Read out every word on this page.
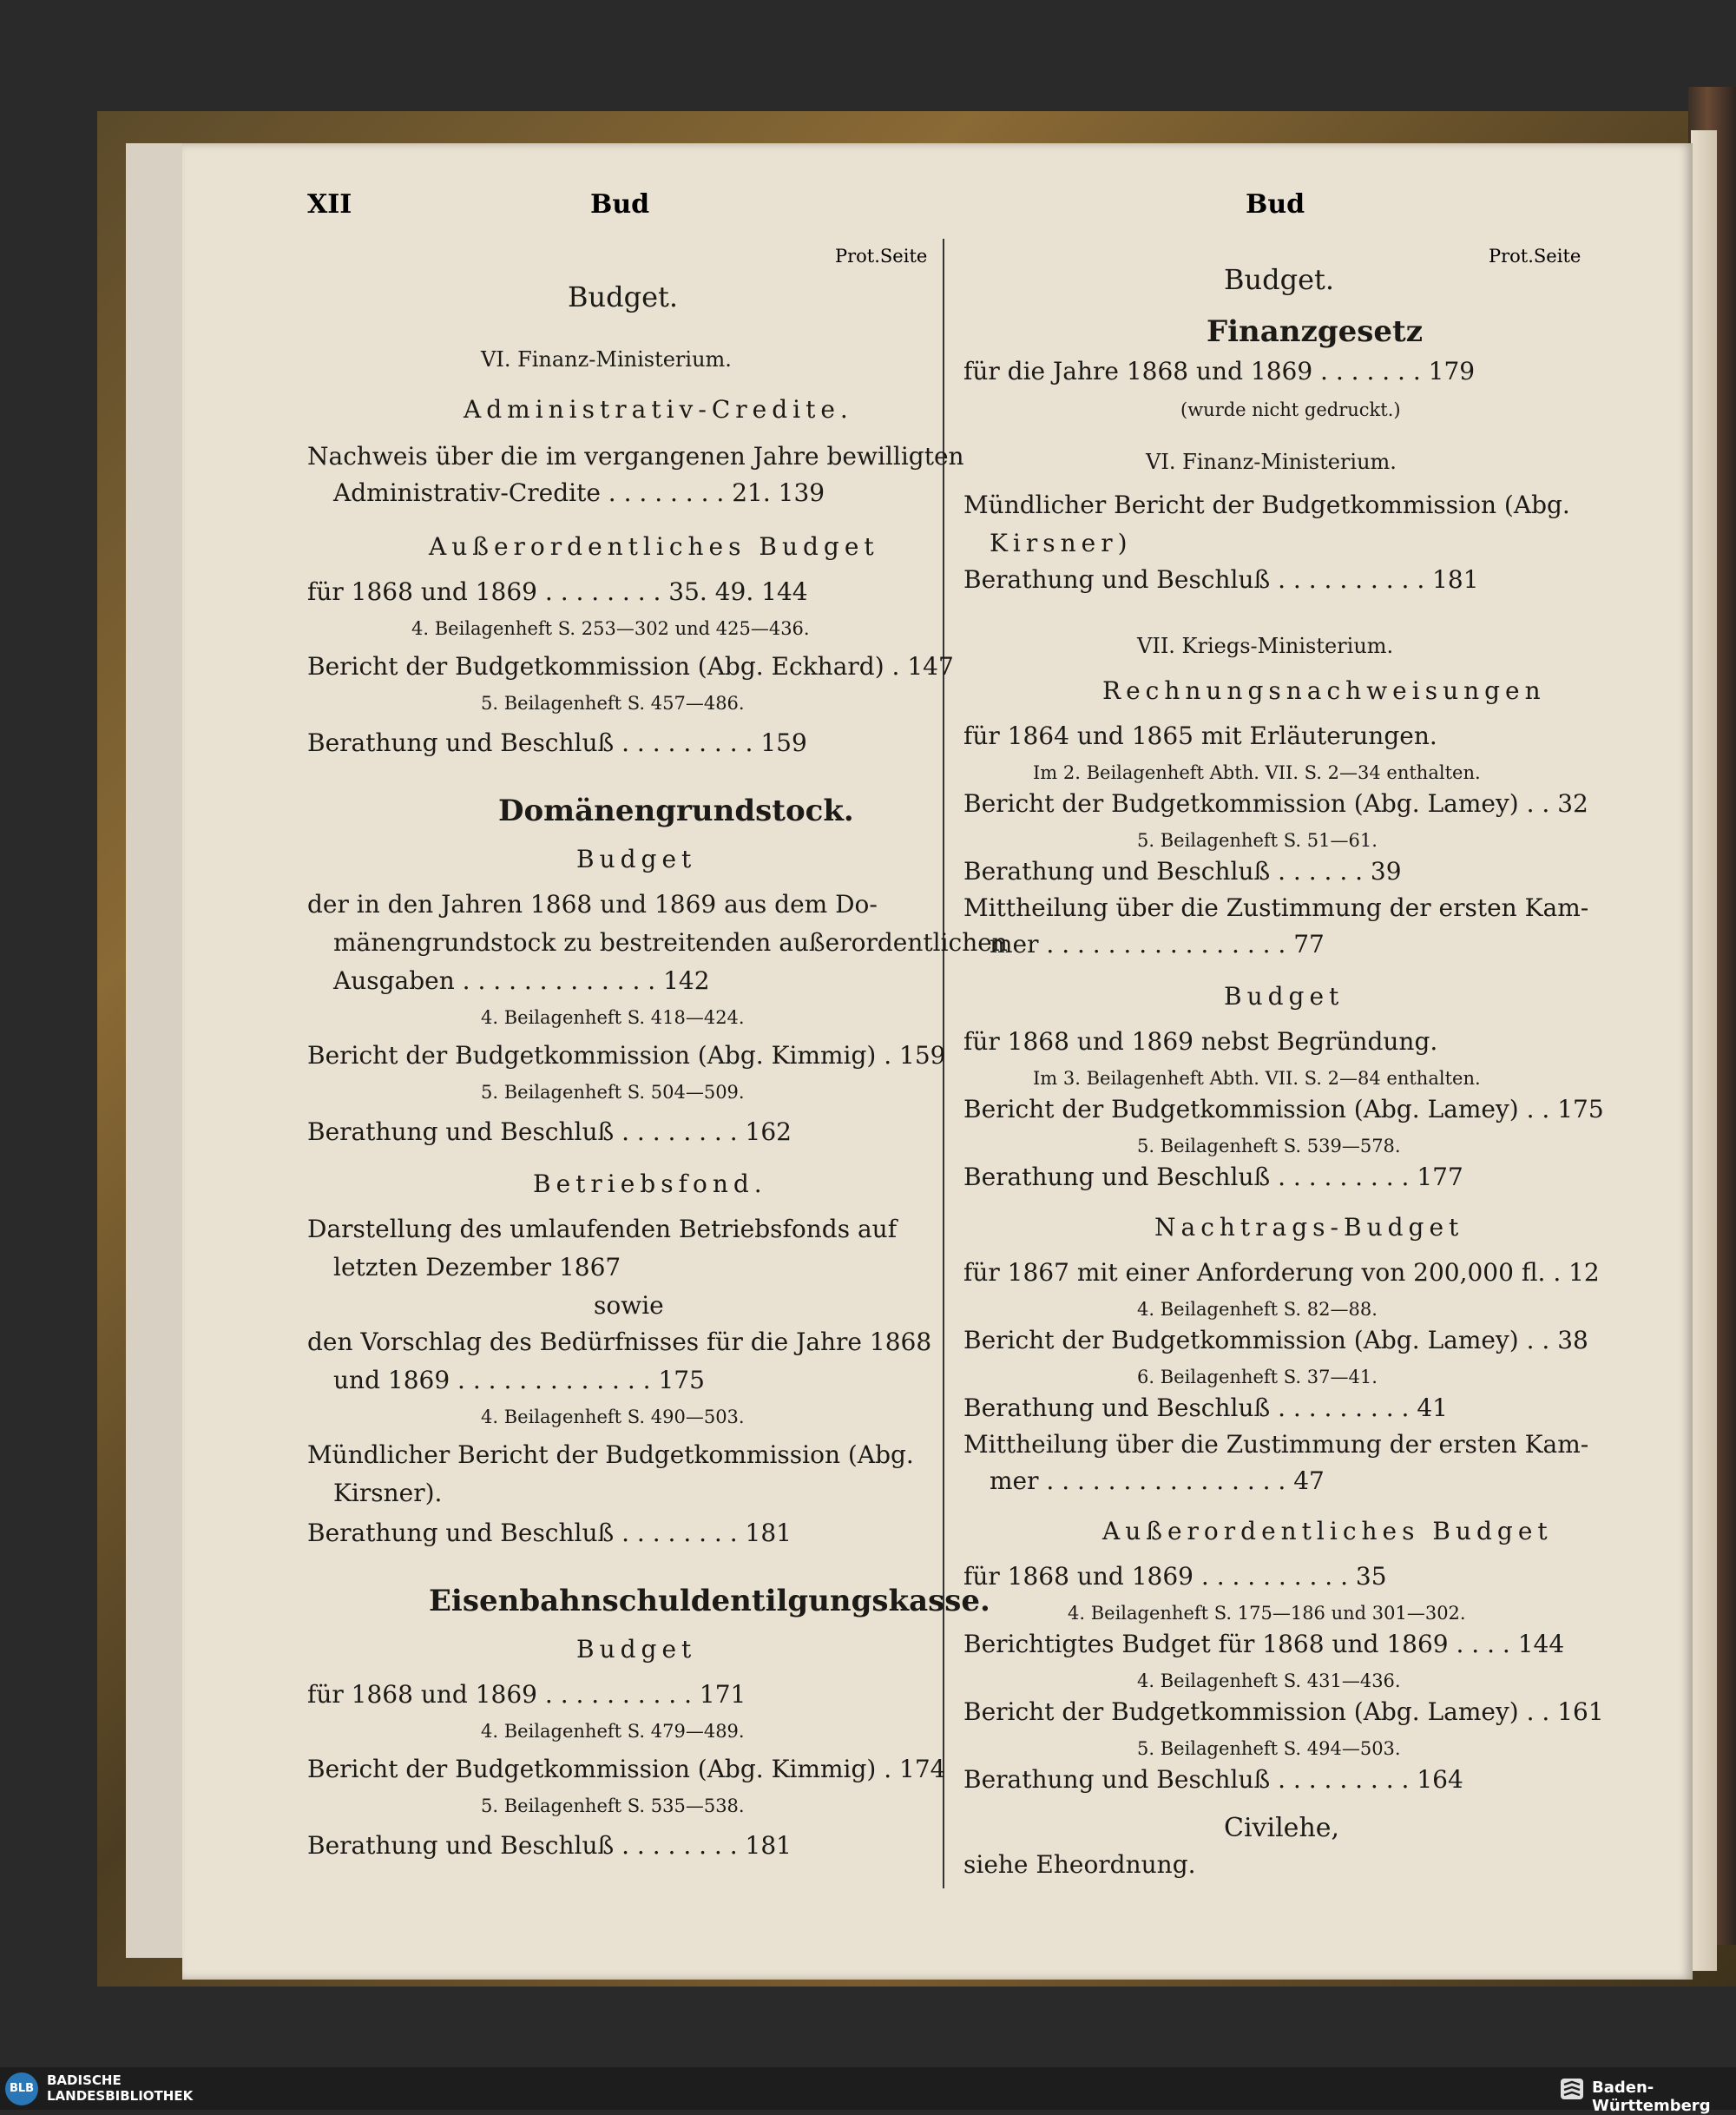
XII	Bud	Bud
Prot.Seite	Prot.Seite
Budget.
VI. Finanz-Ministerium.
Administrativ-Credite.
Nachweis über die im vergangenen Jahre bewilligten
Administrativ-Credite . . . . . . . . 21. 139
Außerordentliches Budget
für 1868 und 1869 . . . . . . . . 35. 49. 144
4. Beilagenheft S. 253—302 und 425—436.
Bericht der Budgetkommission (Abg. Eckhard) . 147
5. Beilagenheft S. 457—486.
Berathung und Beschluß . . . . . . . . . 159
Domänengrundstock.
Budget
der in den Jahren 1868 und 1869 aus dem Do-
mänengrundstock zu bestreitenden außerordentlichen
Ausgaben . . . . . . . . . . . . . 142
4. Beilagenheft S. 418—424.
Bericht der Budgetkommission (Abg. Kimmig) . 159
5. Beilagenheft S. 504—509.
Berathung und Beschluß . . . . . . . . 162
Betriebsfond.
Darstellung des umlaufenden Betriebsfonds auf
letzten Dezember 1867
sowie
den Vorschlag des Bedürfnisses für die Jahre 1868
und 1869 . . . . . . . . . . . . . 175
4. Beilagenheft S. 490—503.
Mündlicher Bericht der Budgetkommission (Abg.
Kirsner).
Berathung und Beschluß . . . . . . . . 181
Eisenbahnschuldentilgungskasse.
Budget
für 1868 und 1869 . . . . . . . . . . 171
4. Beilagenheft S. 479—489.
Bericht der Budgetkommission (Abg. Kimmig) . 174
5. Beilagenheft S. 535—538.
Berathung und Beschluß . . . . . . . . 181
Budget.
Finanzgesetz
für die Jahre 1868 und 1869 . . . . . . . 179
(wurde nicht gedruckt.)
VI. Finanz-Ministerium.
Mündlicher Bericht der Budgetkommission (Abg.
Kirsner)
Berathung und Beschluß . . . . . . . . . . 181
VII. Kriegs-Ministerium.
Rechnungsnachweisungen
für 1864 und 1865 mit Erläuterungen.
Im 2. Beilagenheft Abth. VII. S. 2—34 enthalten.
Bericht der Budgetkommission (Abg. Lamey) . . 32
5. Beilagenheft S. 51—61.
Berathung und Beschluß . . . . . . 39
Mittheilung über die Zustimmung der ersten Kam-
mer . . . . . . . . . . . . . . . . 77
Budget
für 1868 und 1869 nebst Begründung.
Im 3. Beilagenheft Abth. VII. S. 2—84 enthalten.
Bericht der Budgetkommission (Abg. Lamey) . . 175
5. Beilagenheft S. 539—578.
Berathung und Beschluß . . . . . . . . . 177
Nachtrags-Budget
für 1867 mit einer Anforderung von 200,000 fl. . 12
4. Beilagenheft S. 82—88.
Bericht der Budgetkommission (Abg. Lamey) . . 38
6. Beilagenheft S. 37—41.
Berathung und Beschluß . . . . . . . . . 41
Mittheilung über die Zustimmung der ersten Kam-
mer . . . . . . . . . . . . . . . . 47
Außerordentliches Budget
für 1868 und 1869 . . . . . . . . . . 35
4. Beilagenheft S. 175—186 und 301—302.
Berichtigtes Budget für 1868 und 1869 . . . . 144
4. Beilagenheft S. 431—436.
Bericht der Budgetkommission (Abg. Lamey) . . 161
5. Beilagenheft S. 494—503.
Berathung und Beschluß . . . . . . . . . 164
Civilehe,
siehe Eheordnung.
BLB
BADISCHE
LANDESBIBLIOTHEK	Baden-Württemberg
